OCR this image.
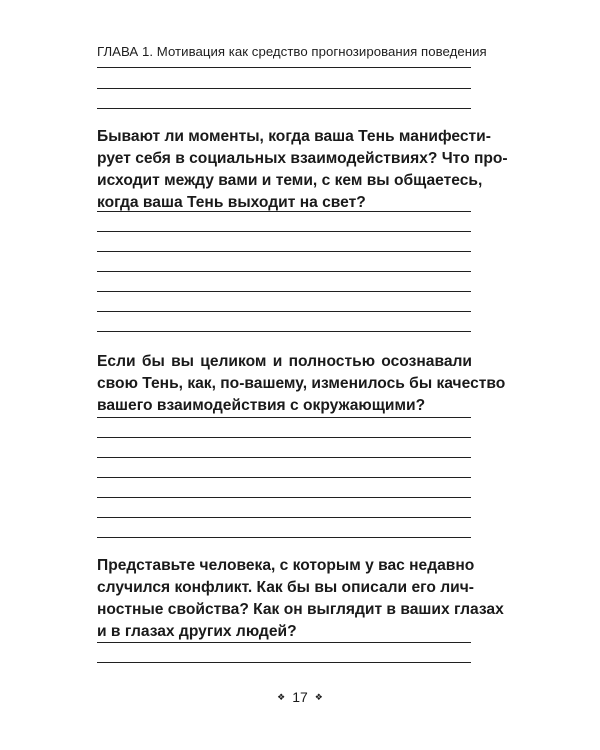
ГЛАВА 1. Мотивация как средство прогнозирования поведения
Бывают ли моменты, когда ваша Тень манифести-
рует себя в социальных взаимодействиях? Что про-
исходит между вами и теми, с кем вы общаетесь,
когда ваша Тень выходит на свет?
Если бы вы целиком и полностью осознавали
свою Тень, как, по-вашему, изменилось бы качество
вашего взаимодействия с окружающими?
Представьте человека, с которым у вас недавно
случился конфликт. Как бы вы описали его лич-
ностные свойства? Как он выглядит в ваших глазах
и в глазах других людей?
❖ 17 ❖
